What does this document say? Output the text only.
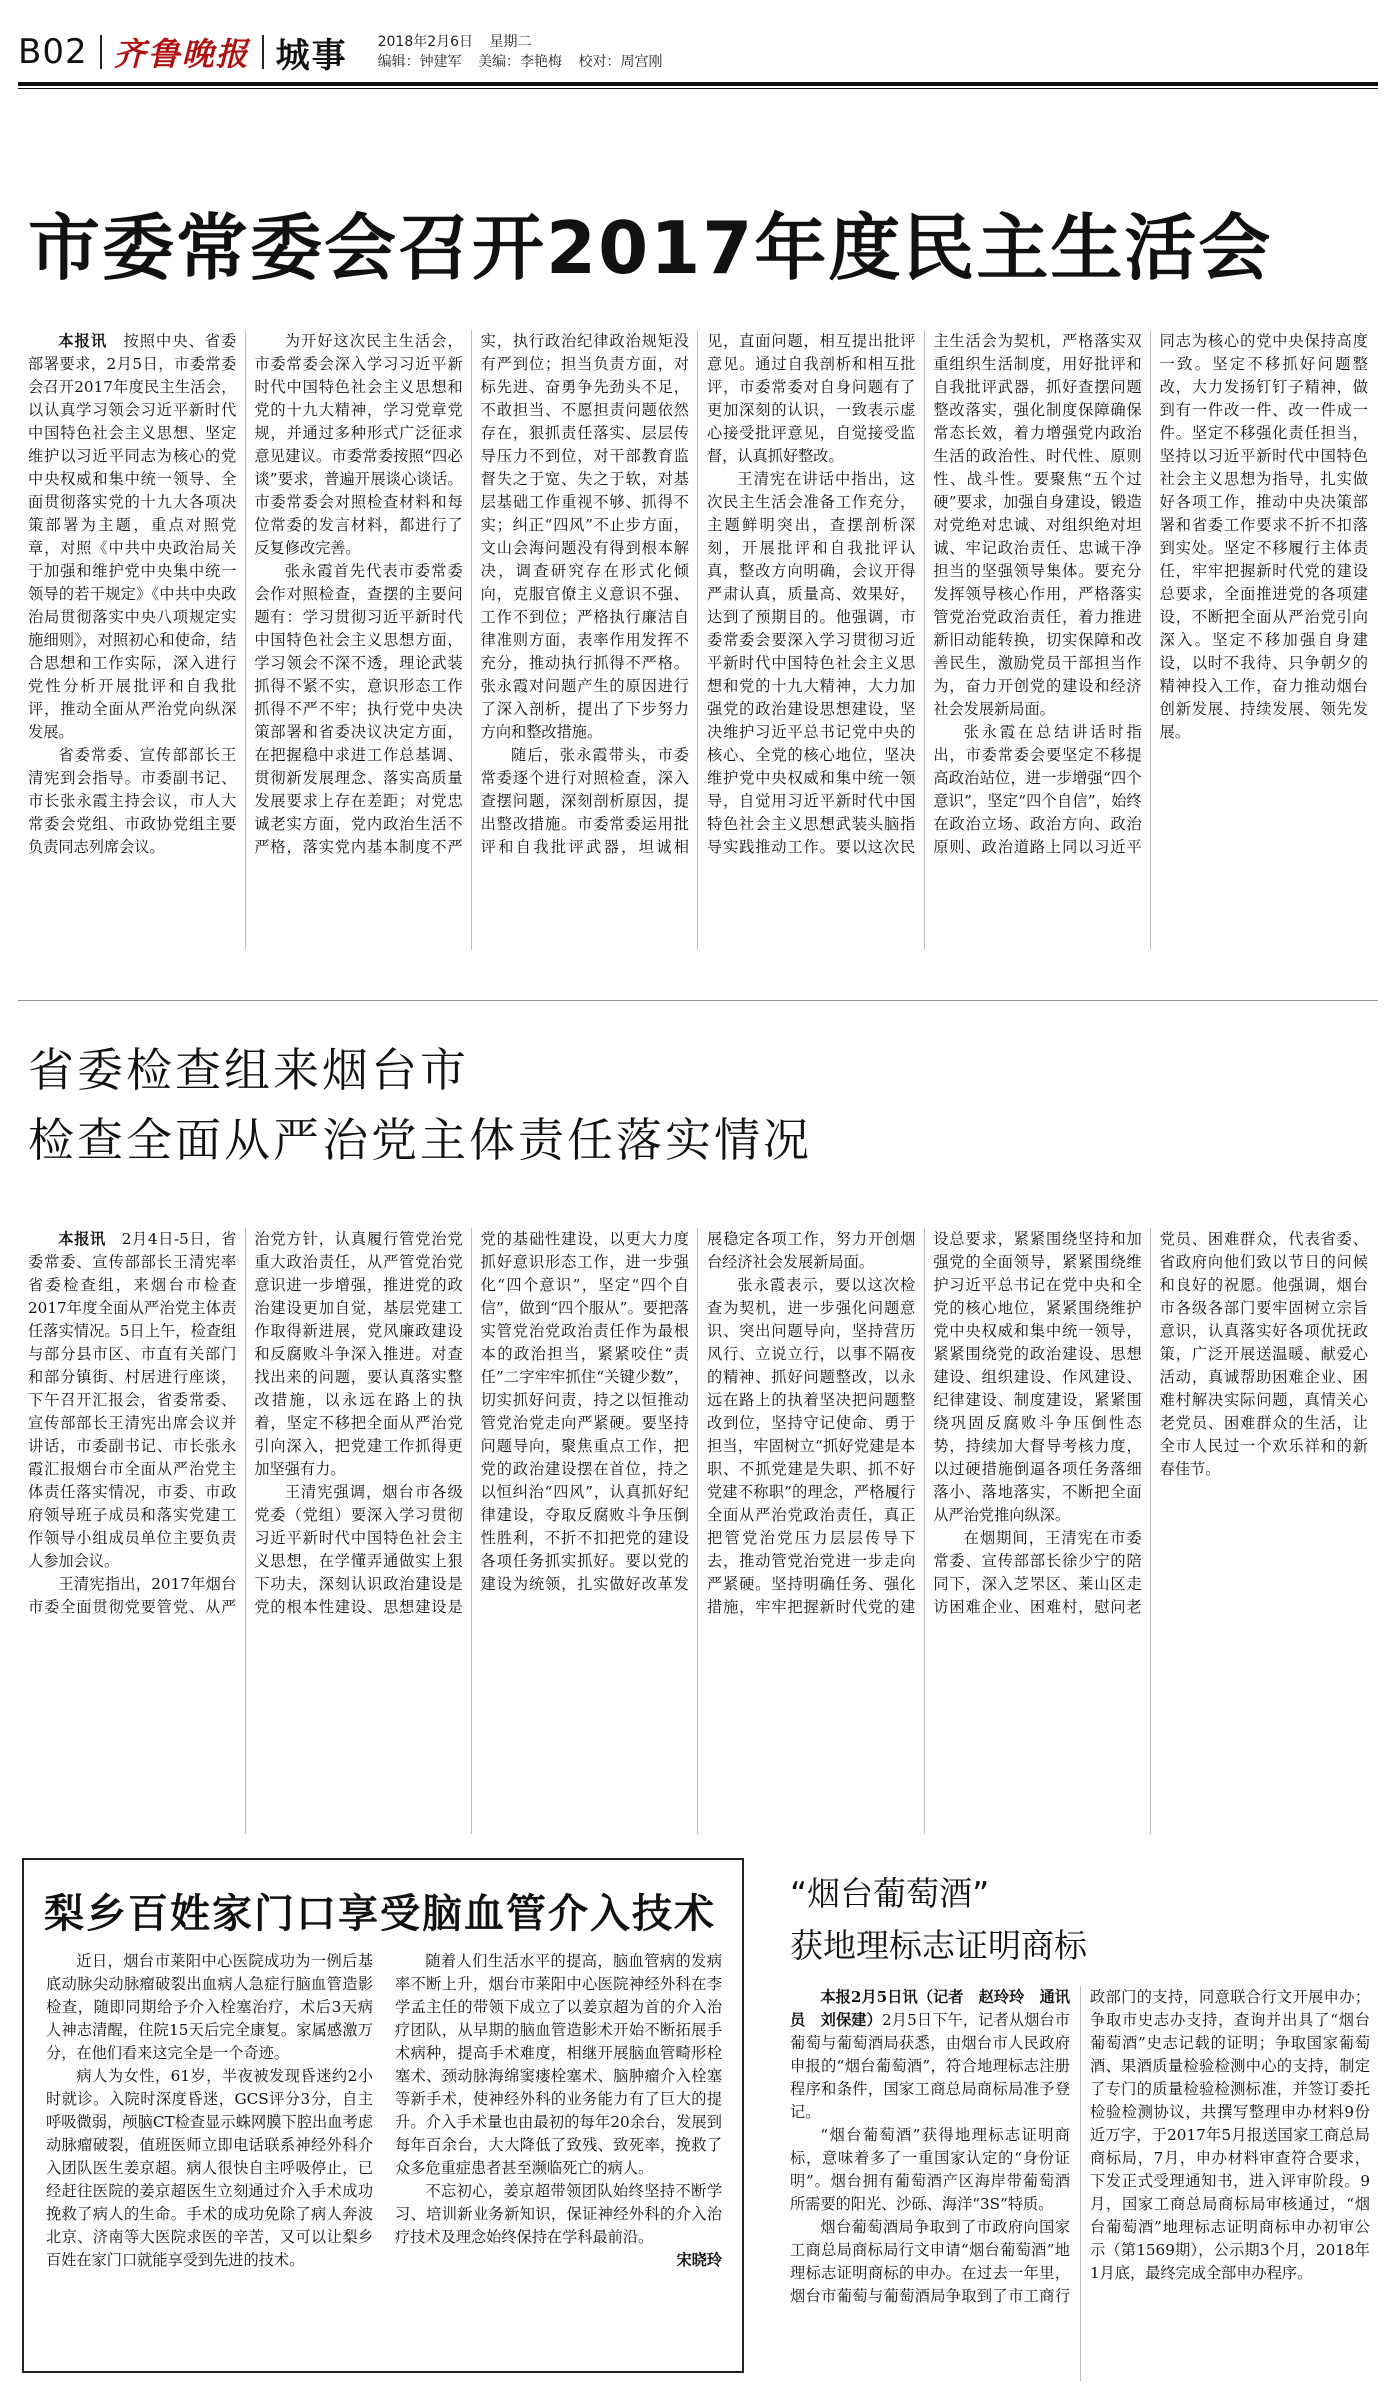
B02 齐鲁晚报 城事 2018年2月6日 星期二
编辑：钟建军 美编：李艳梅 校对：周宫刚
市委常委会召开2017年度民主生活会

本报讯　 按照中央、省委部署要求，2月5日，市委常委会召开2017年度民主生活会，以认真学习领会习近平新时代中国特色社会主义思想、坚定维护以习近平同志为核心的党中央权威和集中统一领导、全面贯彻落实党的十九大各项决策部署为主题，重点对照党章，对照《中共中央政治局关于加强和维护党中央集中统一领导的若干规定》《中共中央政治局贯彻落实中央八项规定实施细则》，对照初心和使命，结合思想和工作实际，深入进行党性分析开展批评和自我批评，推动全面从严治党向纵深发展。

省委常委、宣传部部长王清宪到会指导。市委副书记、市长张永霞主持会议，市人大常委会党组、市政协党组主要负责同志列席会议。

为开好这次民主生活会，市委常委会深入学习习近平新时代中国特色社会主义思想和党的十九大精神，学习党章党规，并通过多种形式广泛征求意见建议。市委常委按照“四必谈”要求，普遍开展谈心谈话。市委常委会对照检查材料和每位常委的发言材料，都进行了反复修改完善。

张永霞首先代表市委常委会作对照检查，查摆的主要问题有：学习贯彻习近平新时代中国特色社会主义思想方面，学习领会不深不透，理论武装抓得不紧不实，意识形态工作抓得不严不牢；执行党中央决策部署和省委决议决定方面，在把握稳中求进工作总基调、贯彻新发展理念、落实高质量发展要求上存在差距；对党忠诚老实方面，党内政治生活不严格，落实党内基本制度不严实，执行政治纪律政治规矩没有严到位；担当负责方面，对标先进、奋勇争先劲头不足，不敢担当、不愿担责问题依然存在，狠抓责任落实、层层传导压力不到位，对干部教育监督失之于宽、失之于软，对基层基础工作重视不够、抓得不实；纠正“四风”不止步方面，文山会海问题没有得到根本解决，调查研究存在形式化倾向，克服官僚主义意识不强、工作不到位；严格执行廉洁自律准则方面，表率作用发挥不充分，推动执行抓得不严格。张永霞对问题产生的原因进行了深入剖析，提出了下步努力方向和整改措施。

随后，张永霞带头，市委常委逐个进行对照检查，深入查摆问题，深刻剖析原因，提出整改措施。市委常委运用批评和自我批评武器，坦诚相见，直面问题，相互提出批评意见。通过自我剖析和相互批评，市委常委对自身问题有了更加深刻的认识，一致表示虚心接受批评意见，自觉接受监督，认真抓好整改。

王清宪在讲话中指出，这次民主生活会准备工作充分，主题鲜明突出，查摆剖析深刻，开展批评和自我批评认真，整改方向明确，会议开得严肃认真，质量高、效果好，达到了预期目的。他强调，市委常委会要深入学习贯彻习近平新时代中国特色社会主义思想和党的十九大精神，大力加强党的政治建设思想建设，坚决维护习近平总书记党中央的核心、全党的核心地位，坚决维护党中央权威和集中统一领导，自觉用习近平新时代中国特色社会主义思想武装头脑指导实践推动工作。要以这次民主生活会为契机，严格落实双重组织生活制度，用好批评和自我批评武器，抓好查摆问题整改落实，强化制度保障确保常态长效，着力增强党内政治生活的政治性、时代性、原则性、战斗性。要聚焦“五个过硬”要求，加强自身建设，锻造对党绝对忠诚、对组织绝对坦诚、牢记政治责任、忠诚干净担当的坚强领导集体。要充分发挥领导核心作用，严格落实管党治党政治责任，着力推进新旧动能转换，切实保障和改善民生，激励党员干部担当作为，奋力开创党的建设和经济社会发展新局面。

张永霞在总结讲话时指出，市委常委会要坚定不移提高政治站位，进一步增强“四个意识”，坚定“四个自信”，始终在政治立场、政治方向、政治原则、政治道路上同以习近平同志为核心的党中央保持高度一致。坚定不移抓好问题整改，大力发扬钉钉子精神，做到有一件改一件、改一件成一件。坚定不移强化责任担当，坚持以习近平新时代中国特色社会主义思想为指导，扎实做好各项工作，推动中央决策部署和省委工作要求不折不扣落到实处。坚定不移履行主体责任，牢牢把握新时代党的建设总要求，全面推进党的各项建设，不断把全面从严治党引向深入。坚定不移加强自身建设，以时不我待、只争朝夕的精神投入工作，奋力推动烟台创新发展、持续发展、领先发展。

省委检查组来烟台市
检查全面从严治党主体责任落实情况

本报讯　 2月4日-5日，省委常委、宣传部部长王清宪率省委检查组，来烟台市检查2017年度全面从严治党主体责任落实情况。5日上午，检查组与部分县市区、市直有关部门和部分镇街、村居进行座谈，下午召开汇报会，省委常委、宣传部部长王清宪出席会议并讲话，市委副书记、市长张永霞汇报烟台市全面从严治党主体责任落实情况，市委、市政府领导班子成员和落实党建工作领导小组成员单位主要负责人参加会议。

王清宪指出，2017年烟台市委全面贯彻党要管党、从严治党方针，认真履行管党治党重大政治责任，从严管党治党意识进一步增强，推进党的政治建设更加自觉，基层党建工作取得新进展，党风廉政建设和反腐败斗争深入推进。对查找出来的问题，要认真落实整改措施，以永远在路上的执着，坚定不移把全面从严治党引向深入，把党建工作抓得更加坚强有力。

王清宪强调，烟台市各级党委（党组）要深入学习贯彻习近平新时代中国特色社会主义思想，在学懂弄通做实上狠下功夫，深刻认识政治建设是党的根本性建设、思想建设是党的基础性建设，以更大力度抓好意识形态工作，进一步强化“四个意识”，坚定“四个自信”，做到“四个服从”。要把落实管党治党政治责任作为最根本的政治担当，紧紧咬住“责任”二字牢牢抓住“关键少数”，切实抓好问责，持之以恒推动管党治党走向严紧硬。要坚持问题导向，聚焦重点工作，把党的政治建设摆在首位，持之以恒纠治“四风”，认真抓好纪律建设，夺取反腐败斗争压倒性胜利，不折不扣把党的建设各项任务抓实抓好。要以党的建设为统领，扎实做好改革发展稳定各项工作，努力开创烟台经济社会发展新局面。

张永霞表示，要以这次检查为契机，进一步强化问题意识、突出问题导向，坚持营历风行、立说立行，以事不隔夜的精神、抓好问题整改，以永远在路上的执着坚决把问题整改到位，坚持守记使命、勇于担当，牢固树立“抓好党建是本职、不抓党建是失职、抓不好党建不称职”的理念，严格履行全面从严治党政治责任，真正把管党治党压力层层传导下去，推动管党治党进一步走向严紧硬。坚持明确任务、强化措施，牢牢把握新时代党的建设总要求，紧紧围绕坚持和加强党的全面领导，紧紧围绕维护习近平总书记在党中央和全党的核心地位，紧紧围绕维护党中央权威和集中统一领导，紧紧围绕党的政治建设、思想建设、组织建设、作风建设、纪律建设、制度建设，紧紧围绕巩固反腐败斗争压倒性态势，持续加大督导考核力度，以过硬措施倒逼各项任务落细落小、落地落实，不断把全面从严治党推向纵深。

在烟期间，王清宪在市委常委、宣传部部长徐少宁的陪同下，深入芝罘区、莱山区走访困难企业、困难村，慰问老党员、困难群众，代表省委、省政府向他们致以节日的问候和良好的祝愿。他强调，烟台市各级各部门要牢固树立宗旨意识，认真落实好各项优抚政策，广泛开展送温暖、献爱心活动，真诚帮助困难企业、困难村解决实际问题，真情关心老党员、困难群众的生活，让全市人民过一个欢乐祥和的新春佳节。

梨乡百姓家门口享受脑血管介入技术

近日，烟台市莱阳中心医院成功为一例后基底动脉尖动脉瘤破裂出血病人急症行脑血管造影检查，随即同期给予介入栓塞治疗，术后3天病人神志清醒，住院15天后完全康复。家属感激万分，在他们看来这完全是一个奇迹。

病人为女性，61岁，半夜被发现昏迷约2小时就诊。入院时深度昏迷，GCS评分3分，自主呼吸微弱，颅脑CT检查显示蛛网膜下腔出血考虑动脉瘤破裂，值班医师立即电话联系神经外科介入团队医生姜京超。病人很快自主呼吸停止，已经赶往医院的姜京超医生立刻通过介入手术成功挽救了病人的生命。手术的成功免除了病人奔波北京、济南等大医院求医的辛苦，又可以让梨乡百姓在家门口就能享受到先进的技术。

随着人们生活水平的提高，脑血管病的发病率不断上升，烟台市莱阳中心医院神经外科在李学孟主任的带领下成立了以姜京超为首的介入治疗团队，从早期的脑血管造影术开始不断拓展手术病种，提高手术难度，相继开展脑血管畸形栓塞术、颈动脉海绵窦瘘栓塞术、脑肿瘤介入栓塞等新手术，使神经外科的业务能力有了巨大的提升。介入手术量也由最初的每年20余台，发展到每年百余台，大大降低了致残、致死率，挽救了众多危重症患者甚至濒临死亡的病人。

不忘初心，姜京超带领团队始终坚持不断学习、培训新业务新知识，保证神经外科的介入治疗技术及理念始终保持在学科最前沿。

宋晓玲

“烟台葡萄酒”
获地理标志证明商标

本报2月5日讯（记者　赵玲玲　通讯员　刘保建）2月5日下午，记者从烟台市葡萄与葡萄酒局获悉，由烟台市人民政府申报的“烟台葡萄酒”，符合地理标志注册程序和条件，国家工商总局商标局准予登记。

“烟台葡萄酒”获得地理标志证明商标，意味着多了一重国家认定的“身份证明”。烟台拥有葡萄酒产区海岸带葡萄酒所需要的阳光、沙砾、海洋“3S”特质。

烟台葡萄酒局争取到了市政府向国家工商总局商标局行文申请“烟台葡萄酒”地理标志证明商标的申办。在过去一年里，烟台市葡萄与葡萄酒局争取到了市工商行政部门的支持，同意联合行文开展申办；争取市史志办支持，查询并出具了“烟台葡萄酒”史志记载的证明；争取国家葡萄酒、果酒质量检验检测中心的支持，制定了专门的质量检验检测标准，并签订委托检验检测协议，共撰写整理申办材料9份近万字，于2017年5月报送国家工商总局商标局，7月，申办材料审查符合要求，下发正式受理通知书，进入评审阶段。9月，国家工商总局商标局审核通过，“烟台葡萄酒”地理标志证明商标申办初审公示（第1569期），公示期3个月，2018年1月底，最终完成全部申办程序。
